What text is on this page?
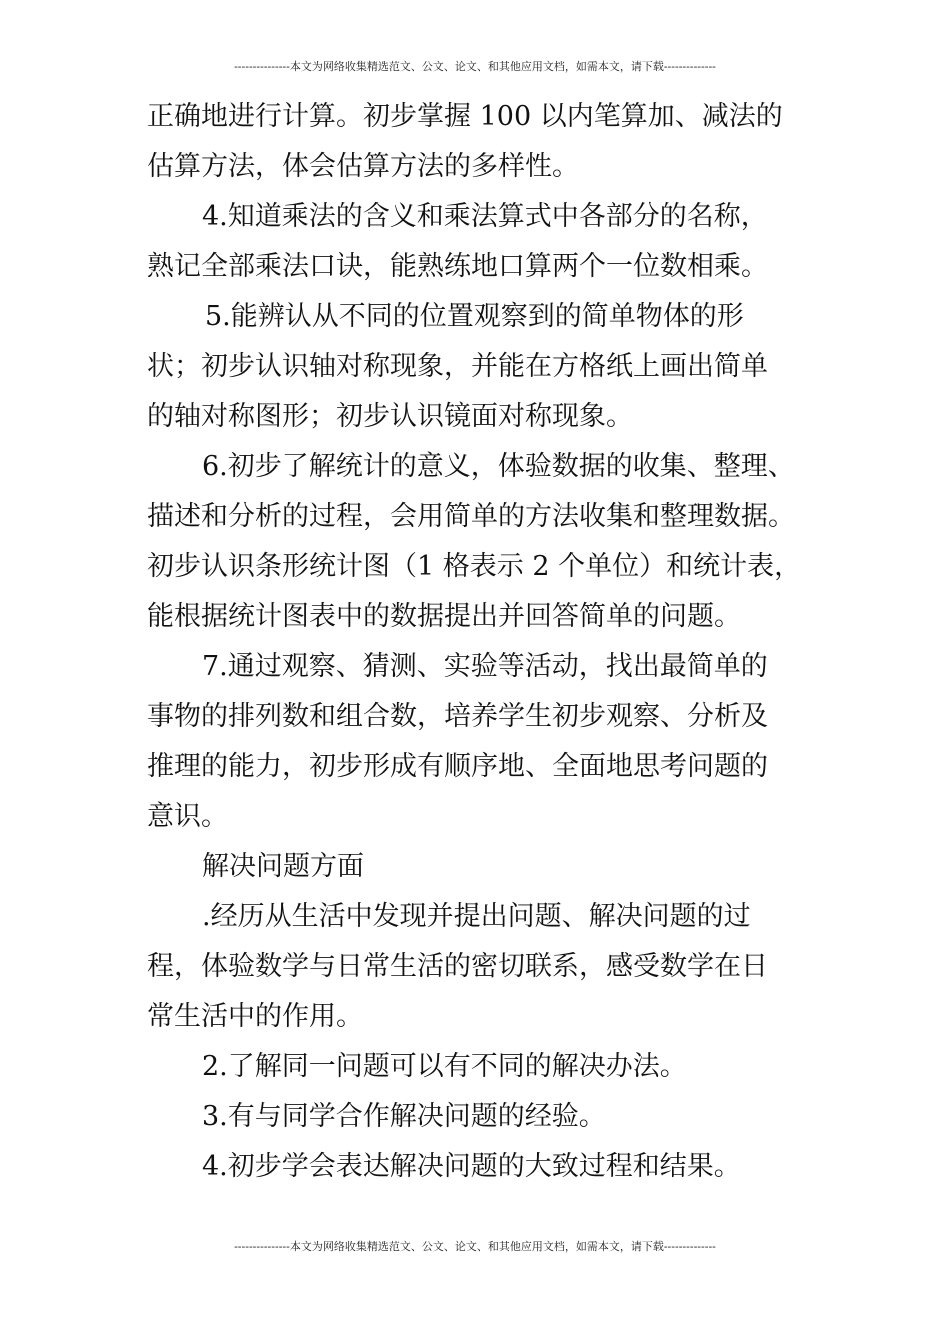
---------------本文为网络收集精选范文、公文、论文、和其他应用文档，如需本文，请下载--------------
正确地进行计算。初步掌握 100 以内笔算加、减法的
估算方法，体会估算方法的多样性。
4.知道乘法的含义和乘法算式中各部分的名称，
熟记全部乘法口诀，能熟练地口算两个一位数相乘。
5.能辨认从不同的位置观察到的简单物体的形
状；初步认识轴对称现象，并能在方格纸上画出简单
的轴对称图形；初步认识镜面对称现象。
6.初步了解统计的意义，体验数据的收集、整理、
描述和分析的过程，会用简单的方法收集和整理数据。
初步认识条形统计图（1 格表示 2 个单位）和统计表，
能根据统计图表中的数据提出并回答简单的问题。
7.通过观察、猜测、实验等活动，找出最简单的
事物的排列数和组合数，培养学生初步观察、分析及
推理的能力，初步形成有顺序地、全面地思考问题的
意识。
解决问题方面
.经历从生活中发现并提出问题、解决问题的过
程，体验数学与日常生活的密切联系，感受数学在日
常生活中的作用。
2.了解同一问题可以有不同的解决办法。
3.有与同学合作解决问题的经验。
4.初步学会表达解决问题的大致过程和结果。
---------------本文为网络收集精选范文、公文、论文、和其他应用文档，如需本文，请下载--------------
